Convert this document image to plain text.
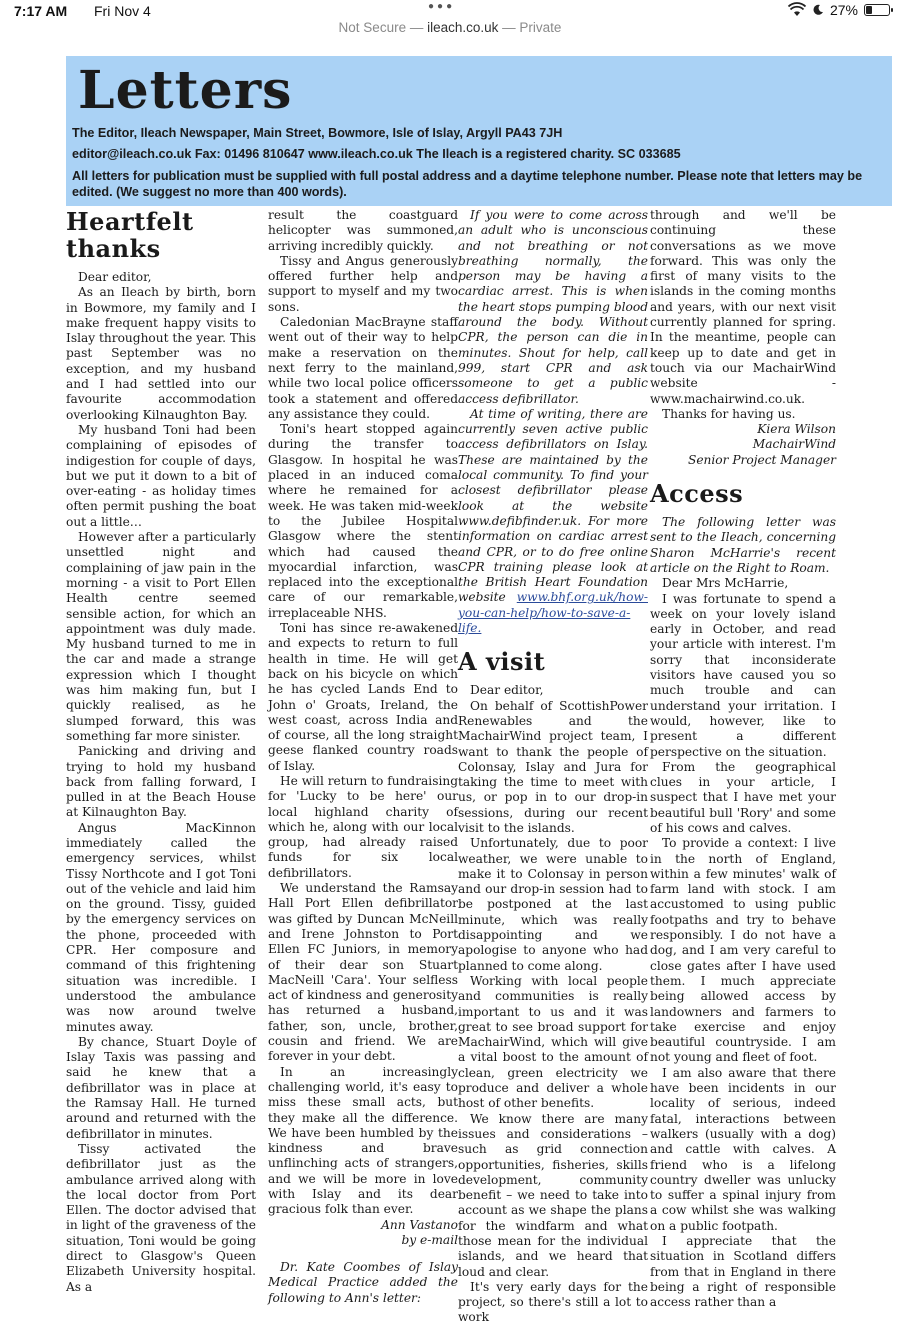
7:17 AM Fri Nov 4	●●●	27%
Not Secure — ileach.co.uk — Private
Letters
The Editor, Ileach Newspaper, Main Street, Bowmore, Isle of Islay, Argyll PA43 7JH
editor@ileach.co.uk Fax: 01496 810647 www.ileach.co.uk The Ileach is a registered charity. SC 033685
All letters for publication must be supplied with full postal address and a daytime telephone number. Please note that letters may be edited. (We suggest no more than 400 words).
Heartfelt thanks

Dear editor,

As an Ileach by birth, born in Bowmore, my family and I make frequent happy visits to Islay throughout the year. This past September was no exception, and my husband and I had settled into our favourite accommodation overlooking Kilnaughton Bay.

My husband Toni had been complaining of episodes of indigestion for couple of days, but we put it down to a bit of over-eating - as holiday times often permit pushing the boat out a little…

However after a particularly unsettled night and complaining of jaw pain in the morning - a visit to Port Ellen Health centre seemed sensible action, for which an appointment was duly made. My husband turned to me in the car and made a strange expression which I thought was him making fun, but I quickly realised, as he slumped forward, this was something far more sinister.

Panicking and driving and trying to hold my husband back from falling forward, I pulled in at the Beach House at Kilnaughton Bay.

Angus MacKinnon immediately called the emergency services, whilst Tissy Northcote and I got Toni out of the vehicle and laid him on the ground. Tissy, guided by the emergency services on the phone, proceeded with CPR. Her composure and command of this frightening situation was incredible. I understood the ambulance was now around twelve minutes away.

By chance, Stuart Doyle of Islay Taxis was passing and said he knew that a defibrillator was in place at the Ramsay Hall. He turned around and returned with the defibrillator in minutes.

Tissy activated the defibrillator just as the ambulance arrived along with the local doctor from Port Ellen. The doctor advised that in light of the graveness of the situation, Toni would be going direct to Glasgow's Queen Elizabeth University hospital. As a

result the coastguard helicopter was summoned, arriving incredibly quickly.

Tissy and Angus generously offered further help and support to myself and my two sons.

Caledonian MacBrayne staff went out of their way to help make a reservation on the next ferry to the mainland, while two local police officers took a statement and offered any assistance they could.

Toni's heart stopped again during the transfer to Glasgow. In hospital he was placed in an induced coma where he remained for a week. He was taken mid-week to the Jubilee Hospital Glasgow where the stent which had caused the myocardial infarction, was replaced into the exceptional care of our remarkable, irreplaceable NHS.

Toni has since re-awakened and expects to return to full health in time. He will get back on his bicycle on which he has cycled Lands End to John o' Groats, Ireland, the west coast, across India and of course, all the long straight geese flanked country roads of Islay.

He will return to fundraising for 'Lucky to be here' our local highland charity of which he, along with our local group, had already raised funds for six local defibrillators.

We understand the Ramsay Hall Port Ellen defibrillator was gifted by Duncan McNeill and Irene Johnston to Port Ellen FC Juniors, in memory of their dear son Stuart MacNeill 'Cara'. Your selfless act of kindness and generosity has returned a husband, father, son, uncle, brother, cousin and friend. We are forever in your debt.

In an increasingly challenging world, it's easy to miss these small acts, but they make all the difference. We have been humbled by the kindness and brave unflinching acts of strangers, and we will be more in love with Islay and its dear gracious folk than ever.

Ann Vastano

by e-mail

Dr. Kate Coombes of Islay Medical Practice added the following to Ann's letter:

If you were to come across an adult who is unconscious and not breathing or not breathing normally, the person may be having a cardiac arrest. This is when the heart stops pumping blood around the body. Without CPR, the person can die in minutes. Shout for help, call 999, start CPR and ask someone to get a public access defibrillator.

At time of writing, there are currently seven active public access defibrillators on Islay. These are maintained by the local community. To find your closest defibrillator please look at the website www.defibfinder.uk. For more information on cardiac arrest and CPR, or to do free online CPR training please look at the British Heart Foundation website www.bhf.org.uk/how-you-can-help/how-to-save-a-life.

A visit

Dear editor,

On behalf of ScottishPower Renewables and the MachairWind project team, I want to thank the people of Colonsay, Islay and Jura for taking the time to meet with us, or pop in to our drop-in sessions, during our recent visit to the islands.

Unfortunately, due to poor weather, we were unable to make it to Colonsay in person and our drop-in session had to be postponed at the last minute, which was really disappointing and we apologise to anyone who had planned to come along.

Working with local people and communities is really important to us and it was great to see broad support for MachairWind, which will give a vital boost to the amount of clean, green electricity we produce and deliver a whole host of other benefits.

We know there are many issues and considerations – such as grid connection opportunities, fisheries, skills development, community benefit – we need to take into account as we shape the plans for the windfarm and what those mean for the individual islands, and we heard that loud and clear.

It's very early days for the project, so there's still a lot to work

through and we'll be continuing these conversations as we move forward. This was only the first of many visits to the islands in the coming months and years, with our next visit currently planned for spring. In the meantime, people can keep up to date and get in touch via our MachairWind website - www.machairwind.co.uk.

Thanks for having us.

Kiera Wilson

MachairWind

Senior Project Manager

Access

The following letter was sent to the Ileach, concerning Sharon McHarrie's recent article on the Right to Roam.

Dear Mrs McHarrie,

I was fortunate to spend a week on your lovely island early in October, and read your article with interest. I'm sorry that inconsiderate visitors have caused you so much trouble and can understand your irritation. I would, however, like to present a different perspective on the situation.

From the geographical clues in your article, I suspect that I have met your beautiful bull 'Rory' and some of his cows and calves.

To provide a context: I live in the north of England, within a few minutes' walk of farm land with stock. I am accustomed to using public footpaths and try to behave responsibly. I do not have a dog, and I am very careful to close gates after I have used them. I much appreciate being allowed access by landowners and farmers to take exercise and enjoy beautiful countryside. I am not young and fleet of foot.

I am also aware that there have been incidents in our locality of serious, indeed fatal, interactions between walkers (usually with a dog) and cattle with calves. A friend who is a lifelong country dweller was unlucky to suffer a spinal injury from a cow whilst she was walking on a public footpath.

I appreciate that the situation in Scotland differs from that in England in there being a right of responsible access rather than a
